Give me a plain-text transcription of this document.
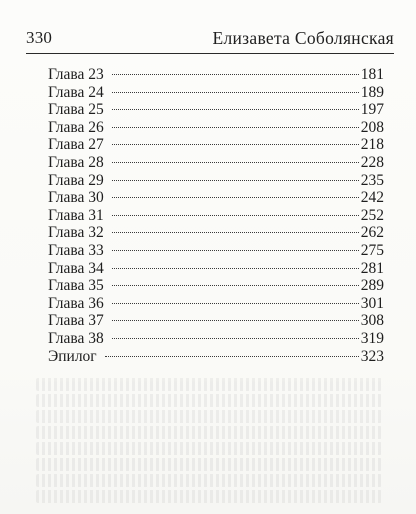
330	Елизавета Соболянская
Глава 23	181
Глава 24	189
Глава 25	197
Глава 26	208
Глава 27	218
Глава 28	228
Глава 29	235
Глава 30	242
Глава 31	252
Глава 32	262
Глава 33	275
Глава 34	281
Глава 35	289
Глава 36	301
Глава 37	308
Глава 38	319
Эпилог	323
